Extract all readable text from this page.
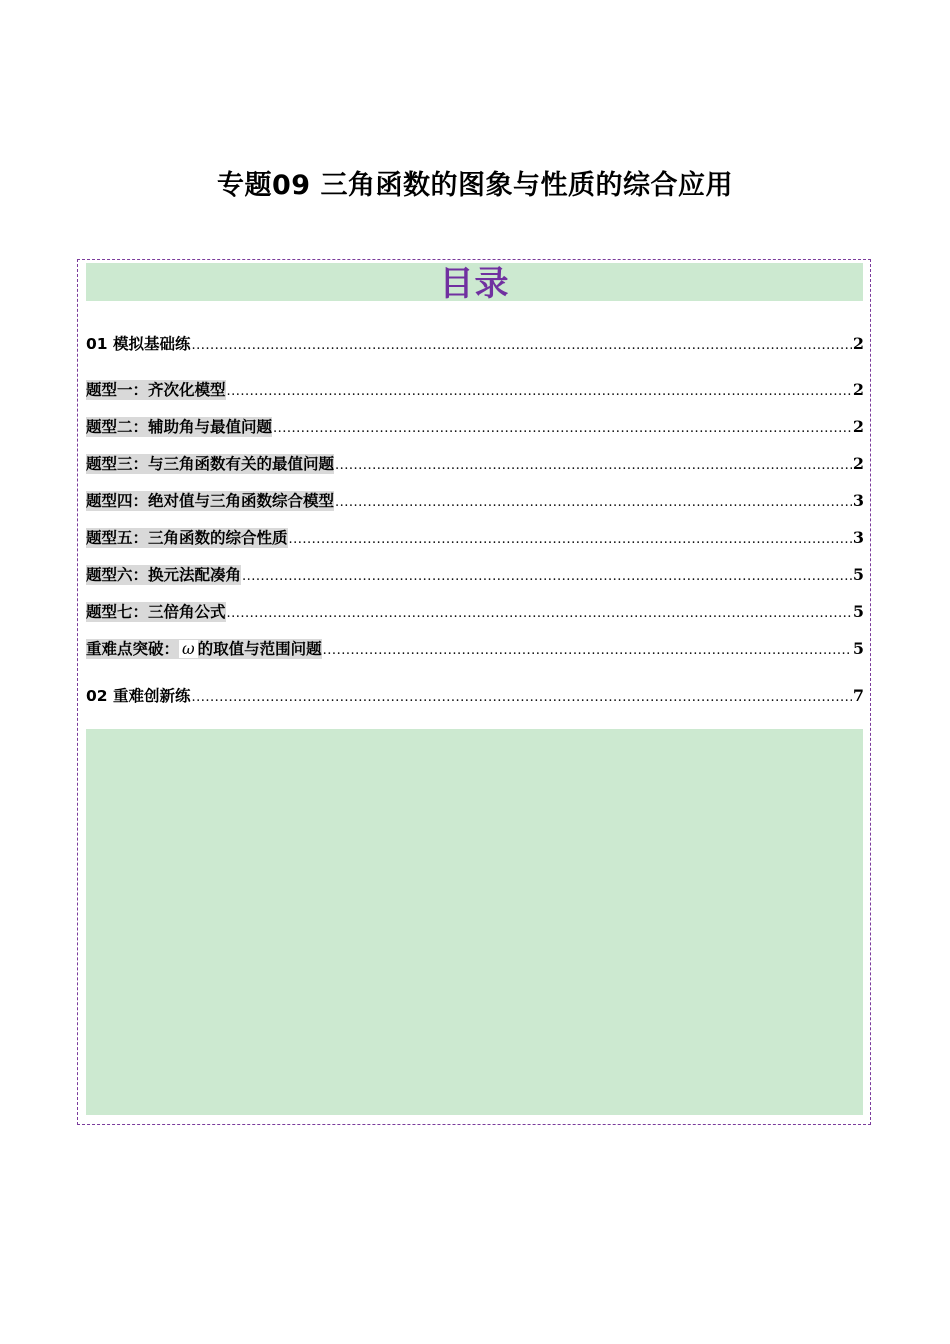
专题09 三角函数的图象与性质的综合应用
目录
01 模拟基础练 .....	2
题型一：齐次化模型 .....	2
题型二：辅助角与最值问题 .....	2
题型三：与三角函数有关的最值问题 .....	2
题型四：绝对值与三角函数综合模型 .....	3
题型五：三角函数的综合性质 .....	3
题型六：换元法配凑角 .....	5
题型七：三倍角公式 .....	5
重难点突破： ω 的取值与范围问题 .....	5
02 重难创新练 .....	7
